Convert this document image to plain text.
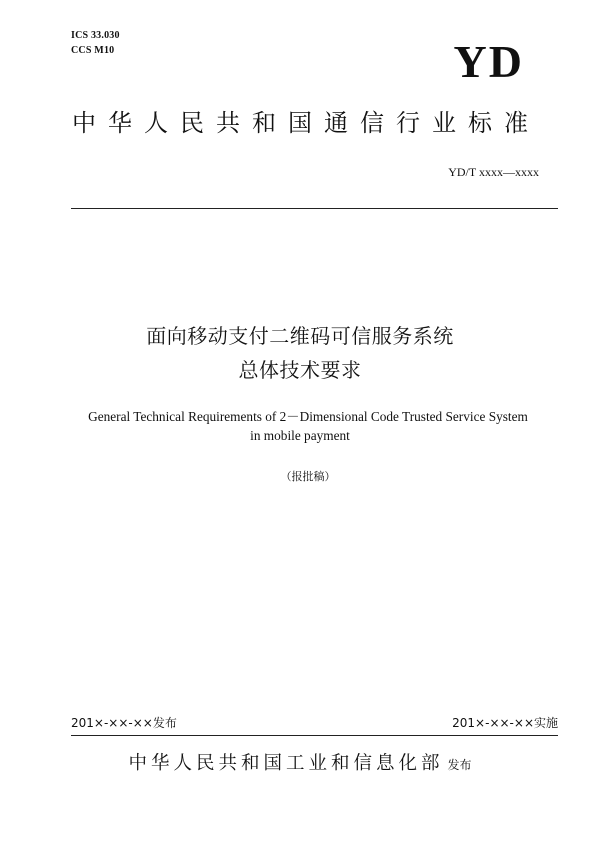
ICS 33.030
CCS M10	YD
中华人民共和国通信行业标准
YD/T xxxx—xxxx
面向移动支付二维码可信服务系统
总体技术要求
General Technical Requirements of 2－Dimensional Code Trusted Service System
in mobile payment
（报批稿）
201×-××-××发布	201×-××-××实施
中华人民共和国工业和信息化部 发布
